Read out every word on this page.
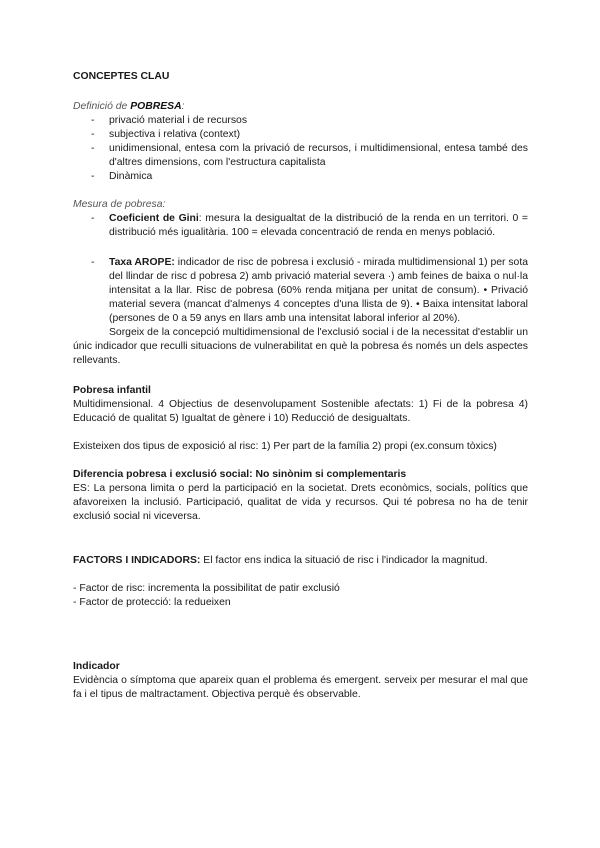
CONCEPTES CLAU

Definició de POBRESA:

- privació material i de recursos
- subjectiva i relativa (context)
- unidimensional, entesa com la privació de recursos, i multidimensional, entesa també des d'altres dimensions, com l'estructura capitalista
- Dinàmica

Mesura de pobresa:

- Coeficient de Gini: mesura la desigualtat de la distribució de la renda en un territori. 0 = distribució més igualitària. 100 = elevada concentració de renda en menys població.
- Taxa AROPE: indicador de risc de pobresa i exclusió - mirada multidimensional 1) per sota del llindar de risc d pobresa 2) amb privació material severa ·) amb feines de baixa o nul·la intensitat a la llar. Risc de pobresa (60% renda mitjana per unitat de consum). • Privació material severa (mancat d'almenys 4 conceptes d'una llista de 9). • Baixa intensitat laboral (persones de 0 a 59 anys en llars amb una intensitat laboral inferior al 20%).

Sorgeix de la concepció multidimensional de l'exclusió social i de la necessitat d'establir un únic indicador que reculli situacions de vulnerabilitat en què la pobresa és només un dels aspectes rellevants.

Pobresa infantil

Multidimensional. 4 Objectius de desenvolupament Sostenible afectats: 1) Fi de la pobresa 4) Educació de qualitat 5) Igualtat de gènere i 10) Reducció de desigualtats.

Existeixen dos tipus de exposició al risc: 1) Per part de la família 2) propi (ex.consum tòxics)

Diferencia pobresa i exclusió social: No sinònim si complementaris

ES: La persona limita o perd la participació en la societat. Drets econòmics, socials, polítics que afavoreixen la inclusió. Participació, qualitat de vida y recursos. Qui té pobresa no ha de tenir exclusió social ni viceversa.

FACTORS I INDICADORS: El factor ens indica la situació de risc i l'indicador la magnitud.

- Factor de risc: incrementa la possibilitat de patir exclusió

- Factor de protecció: la redueixen

Indicador

Evidència o símptoma que apareix quan el problema és emergent. serveix per mesurar el mal que fa i el tipus de maltractament. Objectiva perquè és observable.
